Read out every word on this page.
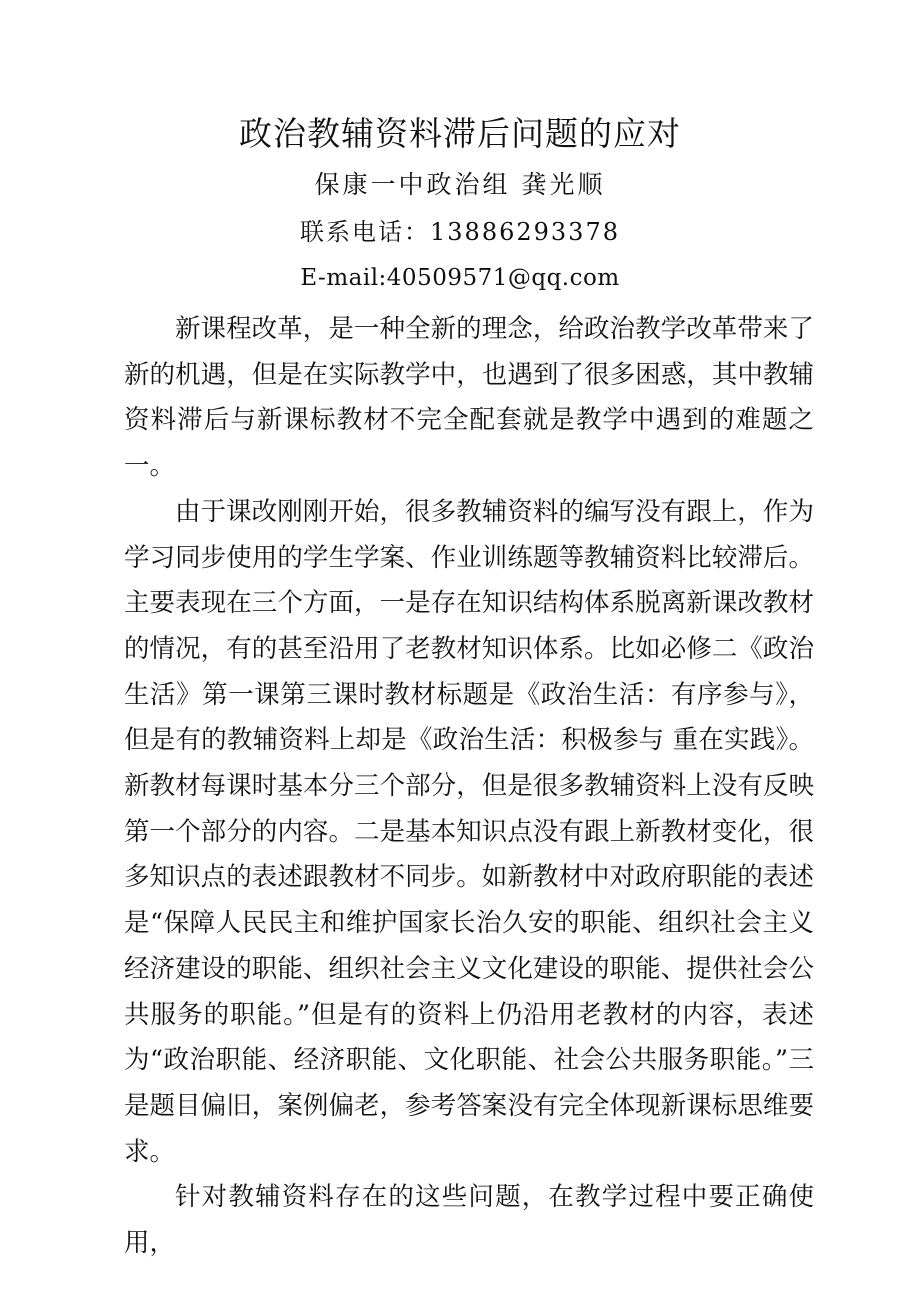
政治教辅资料滞后问题的应对
保康一中政治组 龚光顺
联系电话：13886293378
E-mail:40509571@qq.com

新课程改革，是一种全新的理念，给政治教学改革带来了新的机遇，但是在实际教学中，也遇到了很多困惑，其中教辅资料滞后与新课标教材不完全配套就是教学中遇到的难题之一。

由于课改刚刚开始，很多教辅资料的编写没有跟上，作为学习同步使用的学生学案、作业训练题等教辅资料比较滞后。主要表现在三个方面，一是存在知识结构体系脱离新课改教材的情况，有的甚至沿用了老教材知识体系。比如必修二《政治生活》第一课第三课时教材标题是《政治生活：有序参与》，但是有的教辅资料上却是《政治生活：积极参与 重在实践》。新教材每课时基本分三个部分，但是很多教辅资料上没有反映第一个部分的内容。二是基本知识点没有跟上新教材变化，很多知识点的表述跟教材不同步。如新教材中对政府职能的表述是“保障人民民主和维护国家长治久安的职能、组织社会主义经济建设的职能、组织社会主义文化建设的职能、提供社会公共服务的职能。”但是有的资料上仍沿用老教材的内容，表述为“政治职能、经济职能、文化职能、社会公共服务职能。”三是题目偏旧，案例偏老，参考答案没有完全体现新课标思维要求。

针对教辅资料存在的这些问题，在教学过程中要正确使用，
